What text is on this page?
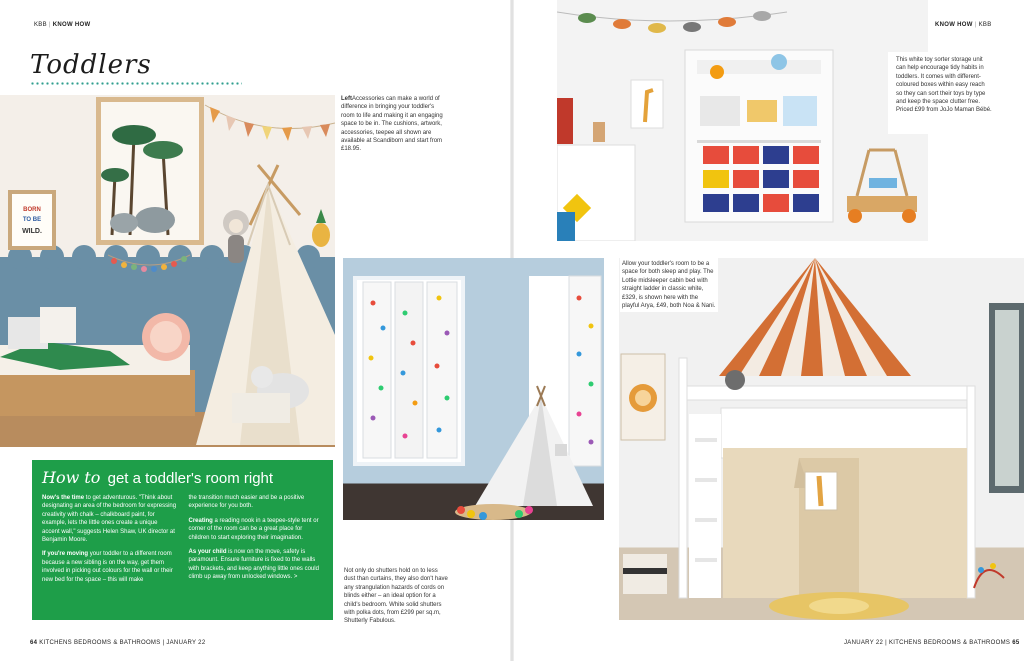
KBB | KNOW HOW	KNOW HOW | KBB
Toddlers
BORN
TO BE
WILD.
LeftAccessories can make a world of difference in bringing your toddler's room to life and making it an engaging space to be in. The cushions, artwork, accessories, teepee all shown are available at Scandiborn and start from £18.95.
How to get a toddler's room right

Now's the time to get adventurous. "Think about designating an area of the bedroom for expressing creativity with chalk – chalkboard paint, for example, lets the little ones create a unique accent wall," suggests Helen Shaw, UK director at Benjamin Moore.

If you're moving your toddler to a different room because a new sibling is on the way, get them involved in picking out colours for the wall or their new bed for the space – this will make

the transition much easier and be a positive experience for you both.

Creating a reading nook in a teepee-style tent or corner of the room can be a great place for children to start exploring their imagination.

As your child is now on the move, safety is paramount. Ensure furniture is fixed to the walls with brackets, and keep anything little ones could climb up away from unlocked windows. >

Not only do shutters hold on to less dust than curtains, they also don't have any strangulation hazards of cords on blinds either – an ideal option for a child's bedroom. White solid shutters with polka dots, from £299 per sq.m, Shutterly Fabulous.
This white toy sorter storage unit can help encourage tidy habits in toddlers. It comes with different-coloured boxes within easy reach so they can sort their toys by type and keep the space clutter free. Priced £99 from JoJo Maman Bébé.
Allow your toddler's room to be a space for both sleep and play. The Lottie midsleeper cabin bed with straight ladder in classic white, £329, is shown here with the playful Arya, £49, both Noa & Nani.
64 KITCHENS BEDROOMS & BATHROOMS | JANUARY 22	JANUARY 22 | KITCHENS BEDROOMS & BATHROOMS 65
